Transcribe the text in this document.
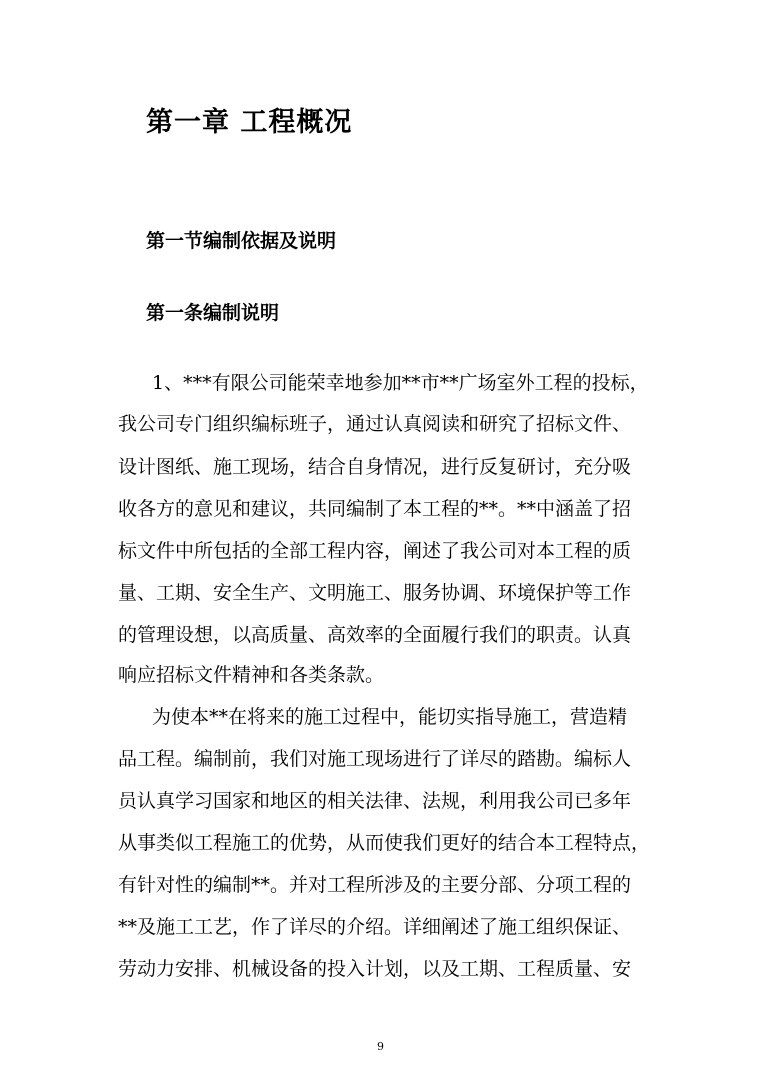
第一章 工程概况
第一节编制依据及说明
第一条编制说明
1、***有限公司能荣幸地参加**市**广场室外工程的投标，
我公司专门组织编标班子，通过认真阅读和研究了招标文件、
设计图纸、施工现场，结合自身情况，进行反复研讨，充分吸
收各方的意见和建议，共同编制了本工程的**。**中涵盖了招
标文件中所包括的全部工程内容，阐述了我公司对本工程的质
量、工期、安全生产、文明施工、服务协调、环境保护等工作
的管理设想，以高质量、高效率的全面履行我们的职责。认真
响应招标文件精神和各类条款。
为使本**在将来的施工过程中，能切实指导施工，营造精
品工程。编制前，我们对施工现场进行了详尽的踏勘。编标人
员认真学习国家和地区的相关法律、法规，利用我公司已多年
从事类似工程施工的优势，从而使我们更好的结合本工程特点，
有针对性的编制**。并对工程所涉及的主要分部、分项工程的
**及施工工艺，作了详尽的介绍。详细阐述了施工组织保证、
劳动力安排、机械设备的投入计划，以及工期、工程质量、安
9
